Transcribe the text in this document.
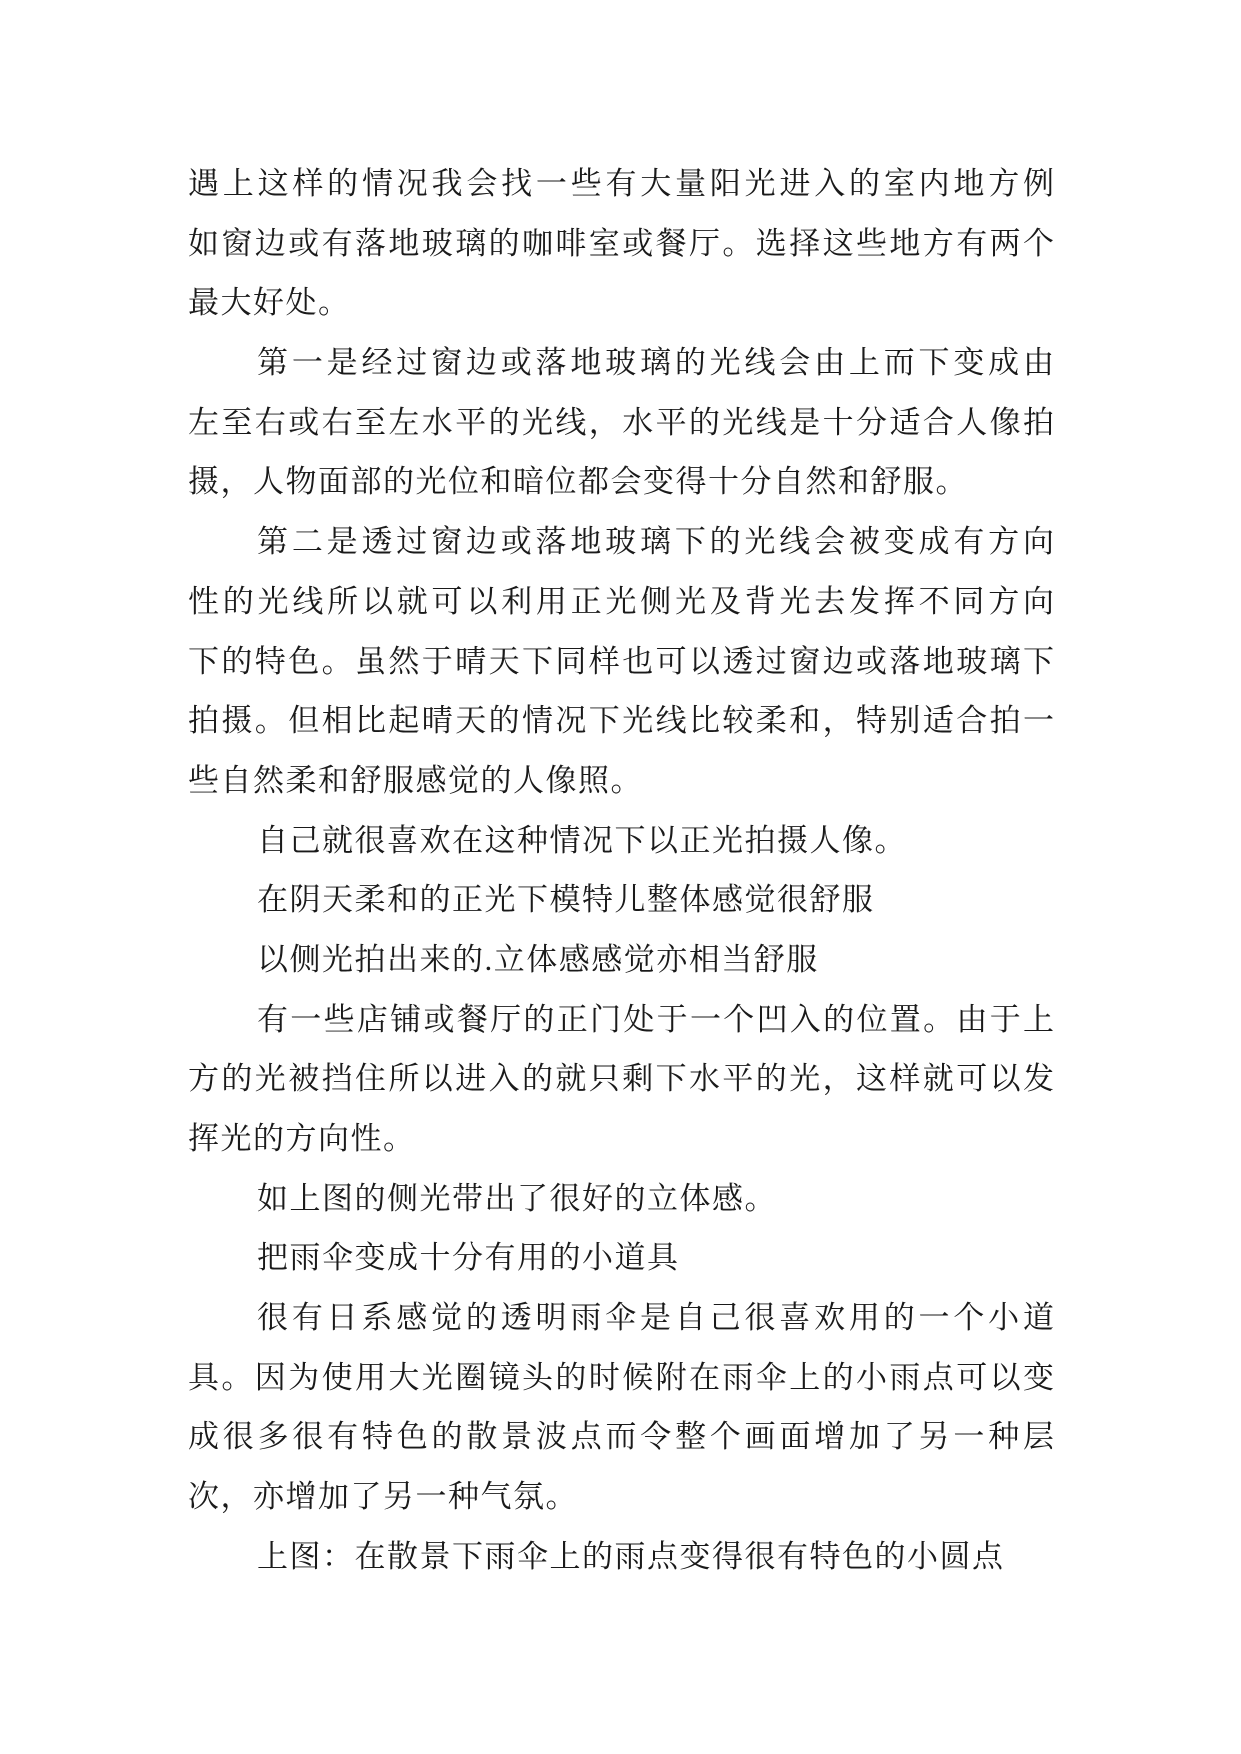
遇上这样的情况我会找一些有大量阳光进入的室内地方例
如窗边或有落地玻璃的咖啡室或餐厅。选择这些地方有两个
最大好处。
第一是经过窗边或落地玻璃的光线会由上而下变成由
左至右或右至左水平的光线，水平的光线是十分适合人像拍
摄，人物面部的光位和暗位都会变得十分自然和舒服。
第二是透过窗边或落地玻璃下的光线会被变成有方向
性的光线所以就可以利用正光侧光及背光去发挥不同方向
下的特色。虽然于晴天下同样也可以透过窗边或落地玻璃下
拍摄。但相比起晴天的情况下光线比较柔和，特别适合拍一
些自然柔和舒服感觉的人像照。
自己就很喜欢在这种情况下以正光拍摄人像。
在阴天柔和的正光下模特儿整体感觉很舒服
以侧光拍出来的.立体感感觉亦相当舒服
有一些店铺或餐厅的正门处于一个凹入的位置。由于上
方的光被挡住所以进入的就只剩下水平的光，这样就可以发
挥光的方向性。
如上图的侧光带出了很好的立体感。
把雨伞变成十分有用的小道具
很有日系感觉的透明雨伞是自己很喜欢用的一个小道
具。因为使用大光圈镜头的时候附在雨伞上的小雨点可以变
成很多很有特色的散景波点而令整个画面增加了另一种层
次，亦增加了另一种气氛。
上图：在散景下雨伞上的雨点变得很有特色的小圆点
